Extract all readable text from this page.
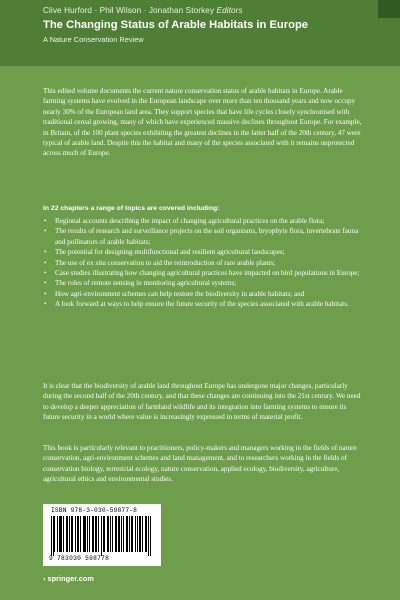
Clive Hurford · Phil Wilson · Jonathan Storkey Editors
The Changing Status of Arable Habitats in Europe
A Nature Conservation Review

This edited volume documents the current nature conservation status of arable habitats in Europe. Arable farming systems have evolved in the European landscape over more than ten thousand years and now occupy nearly 30% of the European land area. They support species that have life cycles closely synchronised with traditional cereal growing, many of which have experienced massive declines throughout Europe. For example, in Britain, of the 100 plant species exhibiting the greatest declines in the latter half of the 20th century, 47 were typical of arable land. Despite this the habitat and many of the species associated with it remains unprotected across much of Europe.

In 22 chapters a range of topics are covered including:
• Regional accounts describing the impact of changing agricultural practices on the arable flora;
• The results of research and surveillance projects on the soil organisms, bryophyte flora, invertebrate fauna and pollinators of arable habitats;
• The potential for designing multifunctional and resilient agricultural landscapes;
• The use of ex situ conservation to aid the reintroduction of rare arable plants;
• Case studies illustrating how changing agricultural practices have impacted on bird populations in Europe;
• The roles of remote sensing in monitoring agricultural systems;
• How agri-environment schemes can help restore the biodiversity in arable habitats; and
• A look forward at ways to help ensure the future security of the species associated with arable habitats.

It is clear that the biodiversity of arable land throughout Europe has undergone major changes, particularly during the second half of the 20th century, and that these changes are continuing into the 21st century. We need to develop a deeper appreciation of farmland wildlife and its integration into farming systems to ensure its future security in a world where value is increasingly expressed in terms of material profit.

This book is particularly relevant to practitioners, policy-makers and managers working in the fields of nature conservation, agri-environment schemes and land management, and to researchers working in the fields of conservation biology, terrestrial ecology, nature conservation, applied ecology, biodiversity, agriculture, agricultural ethics and environmental studies.

ISBN 978-3-030-59877-8
9 783030 598778
› springer.com
